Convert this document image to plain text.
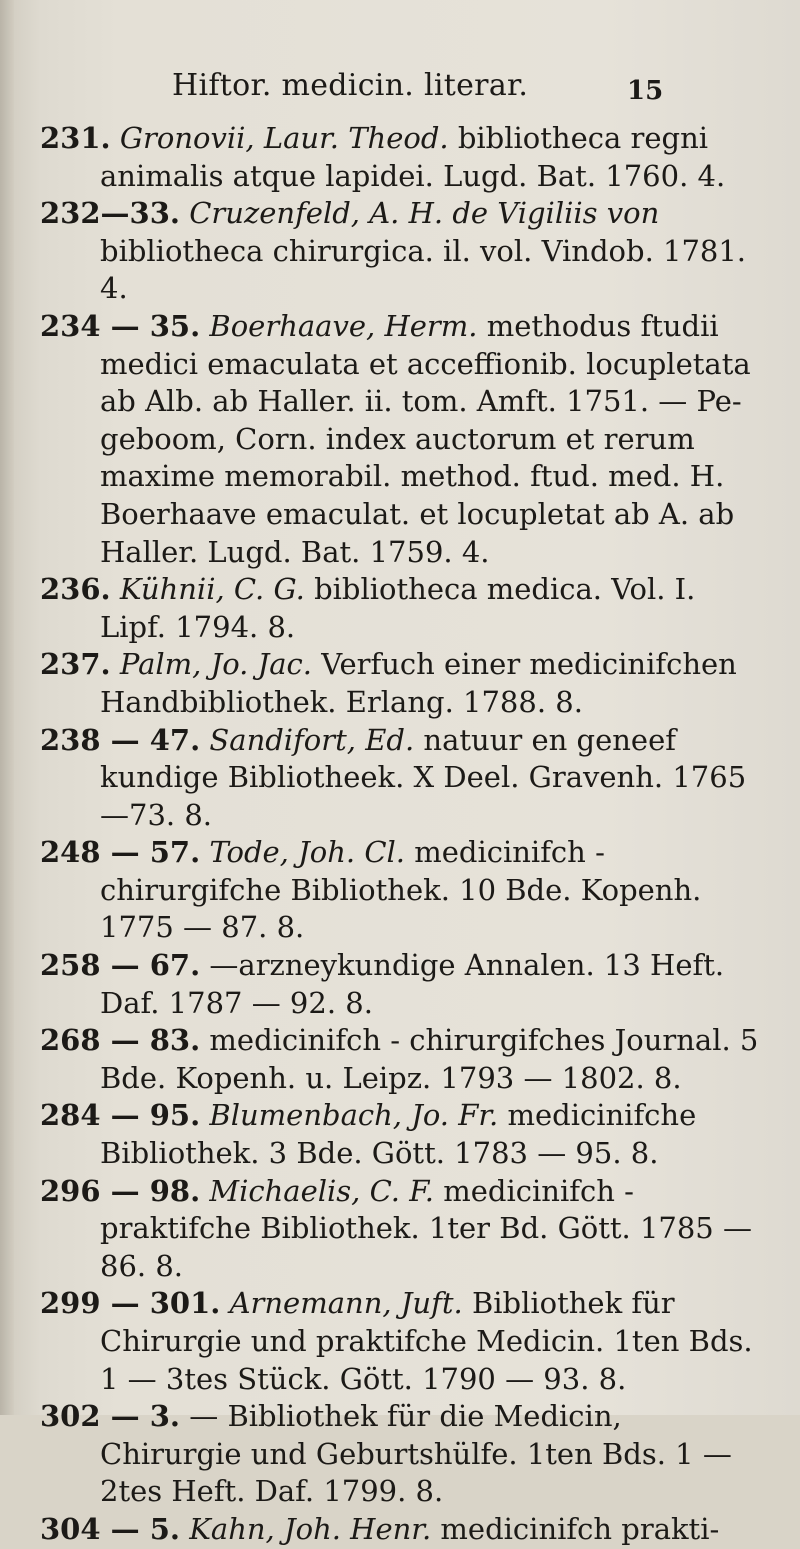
Hiftor. medicin. literar.	15

231. Gronovii, Laur. Theod. bibliotheca regni animalis atque lapidei. Lugd. Bat. 1760. 4.

232—33. Cruzenfeld, A. H. de Vigiliis von bibliotheca chirurgica. il. vol. Vindob. 1781. 4.

234 — 35. Boerhaave, Herm. methodus ftudii medici emaculata et acceffionib. locupletata ab Alb. ab Haller. ii. tom. Amft. 1751. — Pe-geboom, Corn. index auctorum et rerum maxime memorabil. method. ftud. med. H. Boerhaave emaculat. et locupletat ab A. ab Haller. Lugd. Bat. 1759. 4.

236. Kühnii, C. G. bibliotheca medica. Vol. I. Lipf. 1794. 8.

237. Palm, Jo. Jac. Verfuch einer medicinifchen Handbibliothek. Erlang. 1788. 8.

238 — 47. Sandifort, Ed. natuur en geneef kundige Bibliotheek. X Deel. Gravenh. 1765—73. 8.

248 — 57. Tode, Joh. Cl. medicinifch - chirurgifche Bibliothek. 10 Bde. Kopenh. 1775 — 87. 8.

258 — 67. —arzneykundige Annalen. 13 Heft. Daf. 1787 — 92. 8.

268 — 83. medicinifch - chirurgifches Journal. 5 Bde. Kopenh. u. Leipz. 1793 — 1802. 8.

284 — 95. Blumenbach, Jo. Fr. medicinifche Bibliothek. 3 Bde. Gött. 1783 — 95. 8.

296 — 98. Michaelis, C. F. medicinifch - praktifche Bibliothek. 1ter Bd. Gött. 1785 — 86. 8.

299 — 301. Arnemann, Juft. Bibliothek für Chirurgie und praktifche Medicin. 1ten Bds. 1 — 3tes Stück. Gött. 1790 — 93. 8.

302 — 3. — Bibliothek für die Medicin, Chirurgie und Geburtshülfe. 1ten Bds. 1 — 2tes Heft. Daf. 1799. 8.

304 — 5. Kahn, Joh. Henr. medicinifch prakti-
